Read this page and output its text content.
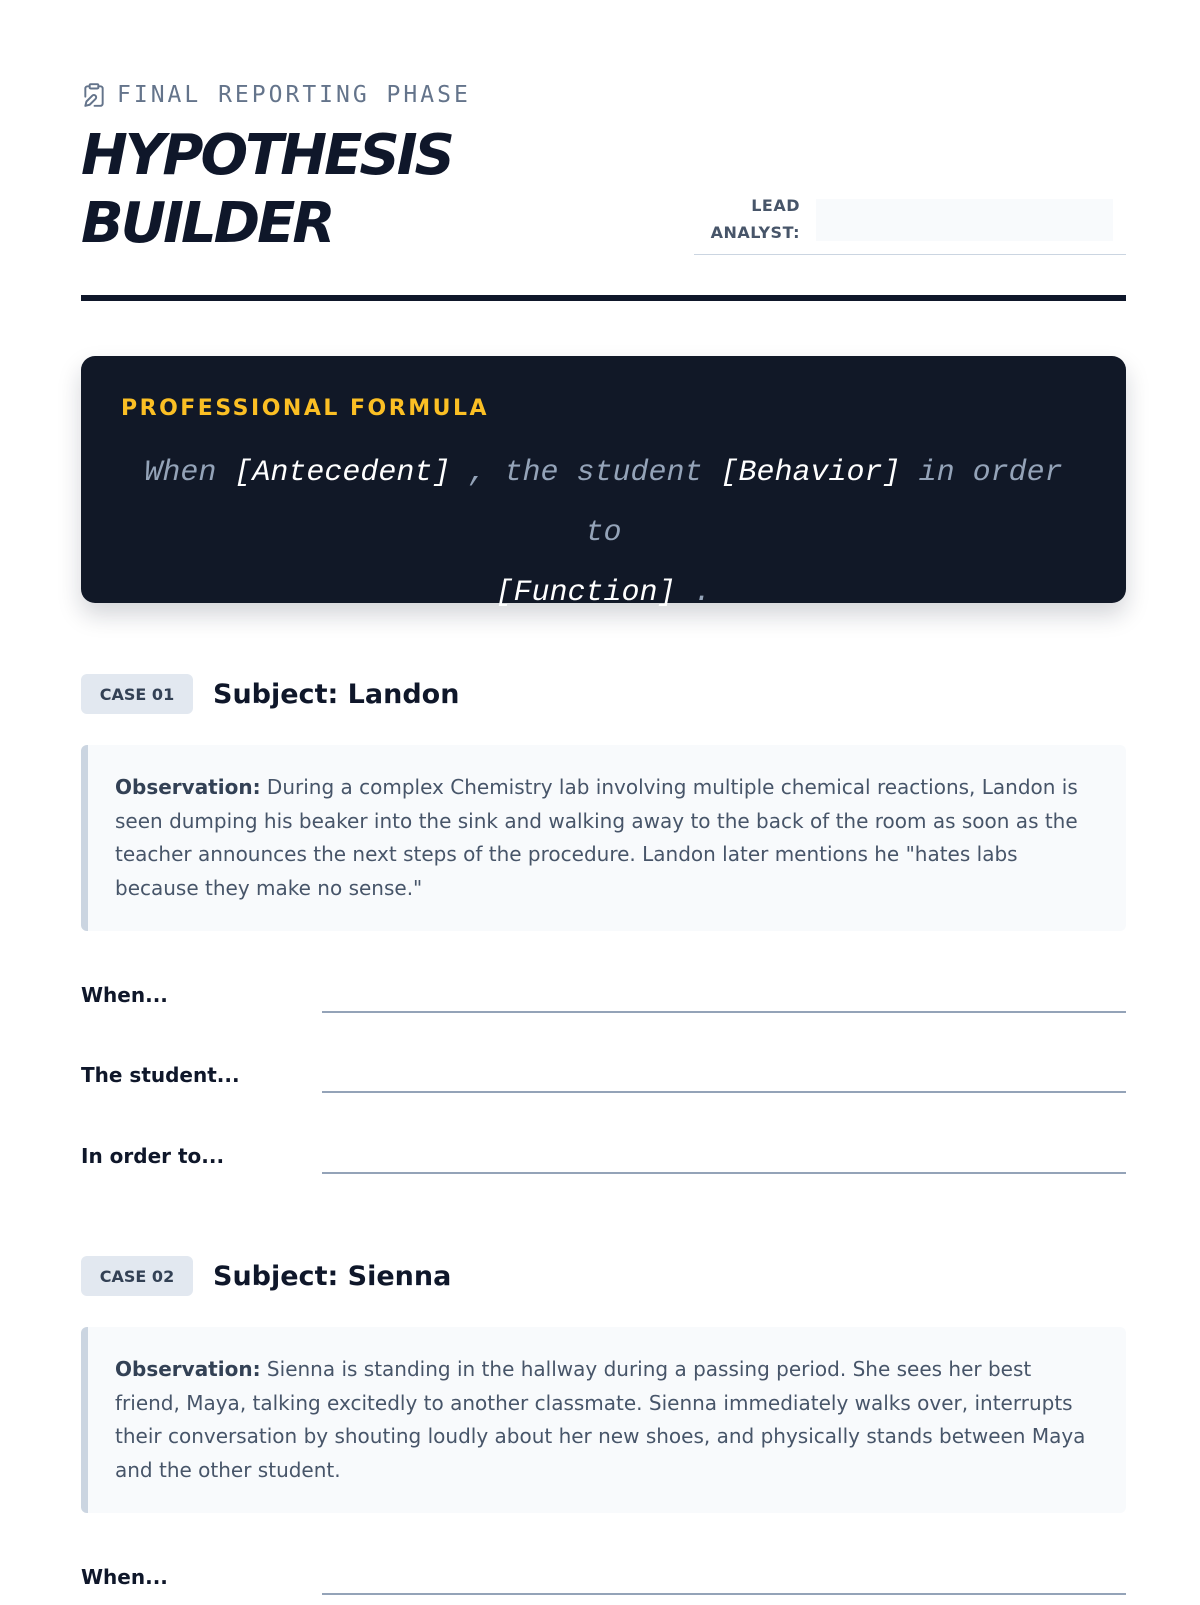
FINAL REPORTING PHASE
HYPOTHESIS
BUILDER	LEAD
ANALYST:
PROFESSIONAL FORMULA
When [Antecedent] , the student [Behavior] in order to
[Function] .
CASE 01	Subject: Landon
Observation: During a complex Chemistry lab involving multiple chemical reactions, Landon is seen dumping his beaker into the sink and walking away to the back of the room as soon as the teacher announces the next steps of the procedure. Landon later mentions he "hates labs because they make no sense."
When...
The student...
In order to...
CASE 02	Subject: Sienna
Observation: Sienna is standing in the hallway during a passing period. She sees her best friend, Maya, talking excitedly to another classmate. Sienna immediately walks over, interrupts their conversation by shouting loudly about her new shoes, and physically stands between Maya and the other student.
When...
